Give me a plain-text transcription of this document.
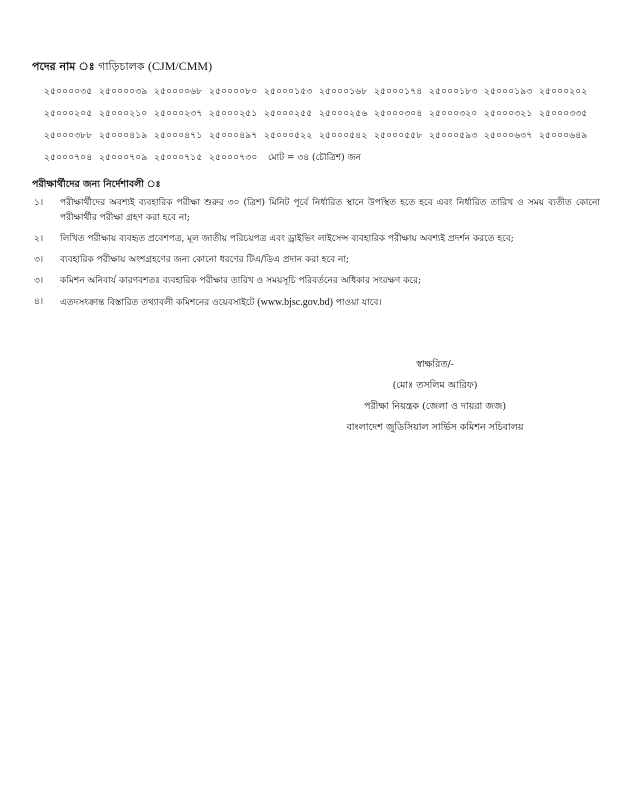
পদের নাম ঃ গাড়িচালক (CJM/CMM)
২৫০০০০৩৫ ২৫০০০০৩৯ ২৫০০০০৬৮ ২৫০০০০৮০ ২৫০০০১৫৩ ২৫০০০১৬৮ ২৫০০০১৭৪ ২৫০০০১৮৩ ২৫০০০১৯৩ ২৫০০০২০২
২৫০০০২০৫ ২৫০০০২১০ ২৫০০০২৩৭ ২৫০০০২৫১ ২৫০০০২৫৫ ২৫০০০২৫৬ ২৫০০০৩০৪ ২৫০০০৩২০ ২৫০০০৩২১ ২৫০০০৩৩৫
২৫০০০৩৮৮ ২৫০০০৪১৯ ২৫০০০৪৭১ ২৫০০০৪৯৭ ২৫০০০৫২২ ২৫০০০৫৪২ ২৫০০০৫৫৮ ২৫০০০৫৯৩ ২৫০০০৬৩৭ ২৫০০০৬৪৯
২৫০০০৭০৪ ২৫০০০৭০৯ ২৫০০০৭১৫ ২৫০০০৭৩০	মোট = ৩৪ (চৌত্রিশ) জন
পরীক্ষার্থীদের জন্য নির্দেশাবলী ঃ
১।	পরীক্ষার্থীদের অবশ্যই ব্যবহারিক পরীক্ষা শুরুর ৩০ (ত্রিশ) মিনিট পূর্বে নির্ধারিত স্থানে উপস্থিত হতে হবে এবং নির্ধারিত তারিখ ও সময় ব্যতীত কোনো পরীক্ষার্থীর পরীক্ষা গ্রহণ করা হবে না;
২।	লিখিত পরীক্ষায় ব্যবহৃত প্রবেশপত্র, মূল জাতীয় পরিচয়পত্র এবং ড্রাইভিং লাইসেন্স ব্যবহারিক পরীক্ষায় অবশ্যই প্রদর্শন করতে হবে;
৩।	ব্যবহারিক পরীক্ষায় অংশগ্রহণের জন্য কোনো ধরণের টিএ/ডিএ প্রদান করা হবে না;
৩।	কমিশন অনিবার্য কারণবশতঃ ব্যবহারিক পরীক্ষার তারিখ ও সময়সূচি পরিবর্তনের অধিকার সংরক্ষণ করে;
৪।	এতদসংক্রান্ত বিস্তারিত তথ্যাবলী কমিশনের ওয়েবসাইটে (www.bjsc.gov.bd) পাওয়া যাবে।
স্বাক্ষরিত/-
(মোঃ তসলিম আরিফ)
পরীক্ষা নিয়ন্ত্রক (জেলা ও দায়রা জজ)
বাংলাদেশ জুডিসিয়াল সার্ভিস কমিশন সচিবালয়
